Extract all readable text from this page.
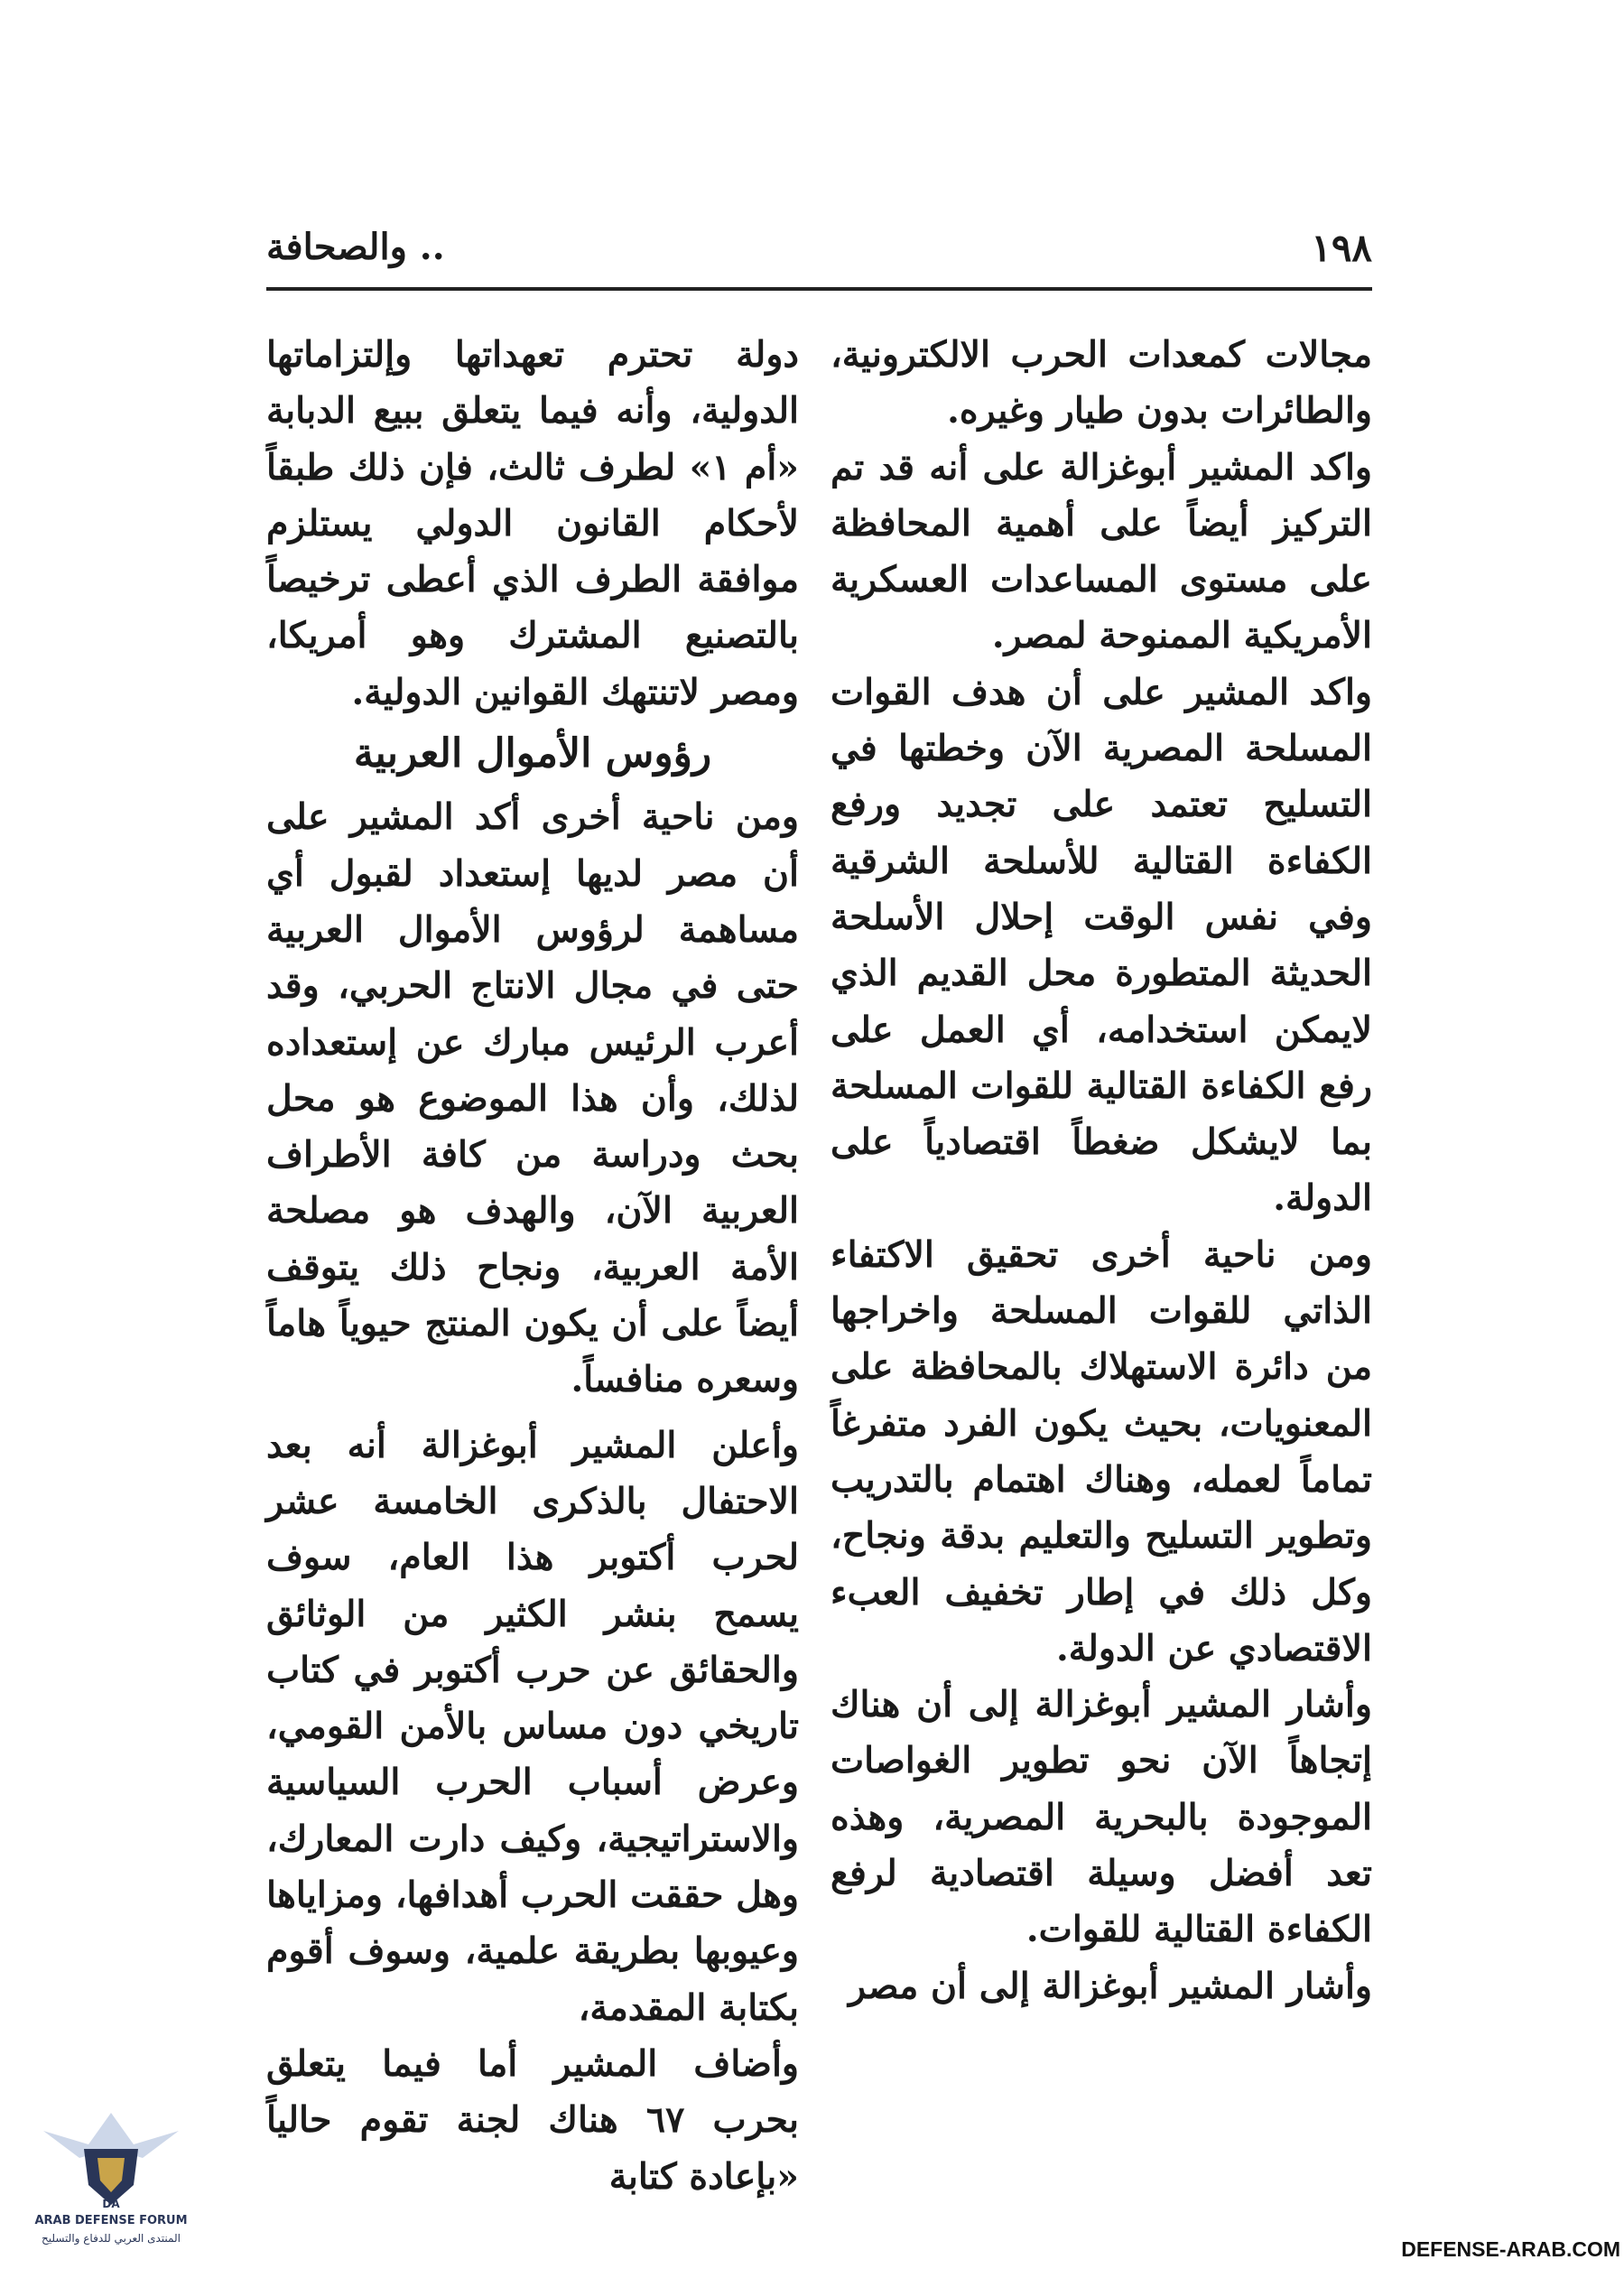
١٩٨
.. والصحافة

مجالات كمعدات الحرب الالكترونية، والطائرات بدون طيار وغيره.

واكد المشير أبوغزالة على أنه قد تم التركيز أيضاً على أهمية المحافظة على مستوى المساعدات العسكرية الأمريكية الممنوحة لمصر.

واكد المشير على أن هدف القوات المسلحة المصرية الآن وخطتها في التسليح تعتمد على تجديد ورفع الكفاءة القتالية للأسلحة الشرقية وفي نفس الوقت إحلال الأسلحة الحديثة المتطورة محل القديم الذي لايمكن استخدامه، أي العمل على رفع الكفاءة القتالية للقوات المسلحة بما لايشكل ضغطاً اقتصادياً على الدولة.

ومن ناحية أخرى تحقيق الاكتفاء الذاتي للقوات المسلحة واخراجها من دائرة الاستهلاك بالمحافظة على المعنويات، بحيث يكون الفرد متفرغاً تماماً لعمله، وهناك اهتمام بالتدريب وتطوير التسليح والتعليم بدقة ونجاح، وكل ذلك في إطار تخفيف العبء الاقتصادي عن الدولة.

وأشار المشير أبوغزالة إلى أن هناك إتجاهاً الآن نحو تطوير الغواصات الموجودة بالبحرية المصرية، وهذه تعد أفضل وسيلة اقتصادية لرفع الكفاءة القتالية للقوات.

وأشار المشير أبوغزالة إلى أن مصر

دولة تحترم تعهداتها وإلتزاماتها الدولية، وأنه فيما يتعلق ببيع الدبابة «أم ١» لطرف ثالث، فإن ذلك طبقاً لأحكام القانون الدولي يستلزم موافقة الطرف الذي أعطى ترخيصاً بالتصنيع المشترك وهو أمريكا، ومصر لاتنتهك القوانين الدولية.

رؤوس الأموال العربية

ومن ناحية أخرى أكد المشير على أن مصر لديها إستعداد لقبول أي مساهمة لرؤوس الأموال العربية حتى في مجال الانتاج الحربي، وقد أعرب الرئيس مبارك عن إستعداده لذلك، وأن هذا الموضوع هو محل بحث ودراسة من كافة الأطراف العربية الآن، والهدف هو مصلحة الأمة العربية، ونجاح ذلك يتوقف أيضاً على أن يكون المنتج حيوياً هاماً وسعره منافساً.

وأعلن المشير أبوغزالة أنه بعد الاحتفال بالذكرى الخامسة عشر لحرب أكتوبر هذا العام، سوف يسمح بنشر الكثير من الوثائق والحقائق عن حرب أكتوبر في كتاب تاريخي دون مساس بالأمن القومي، وعرض أسباب الحرب السياسية والاستراتيجية، وكيف دارت المعارك، وهل حققت الحرب أهدافها، ومزاياها وعيوبها بطريقة علمية، وسوف أقوم بكتابة المقدمة،

وأضاف المشير أما فيما يتعلق بحرب ٦٧ هناك لجنة تقوم حالياً «بإعادة كتابة

DA
ARAB DEFENSE FORUM
المنتدى العربي للدفاع والتسليح	DEFENSE-ARAB.COM
